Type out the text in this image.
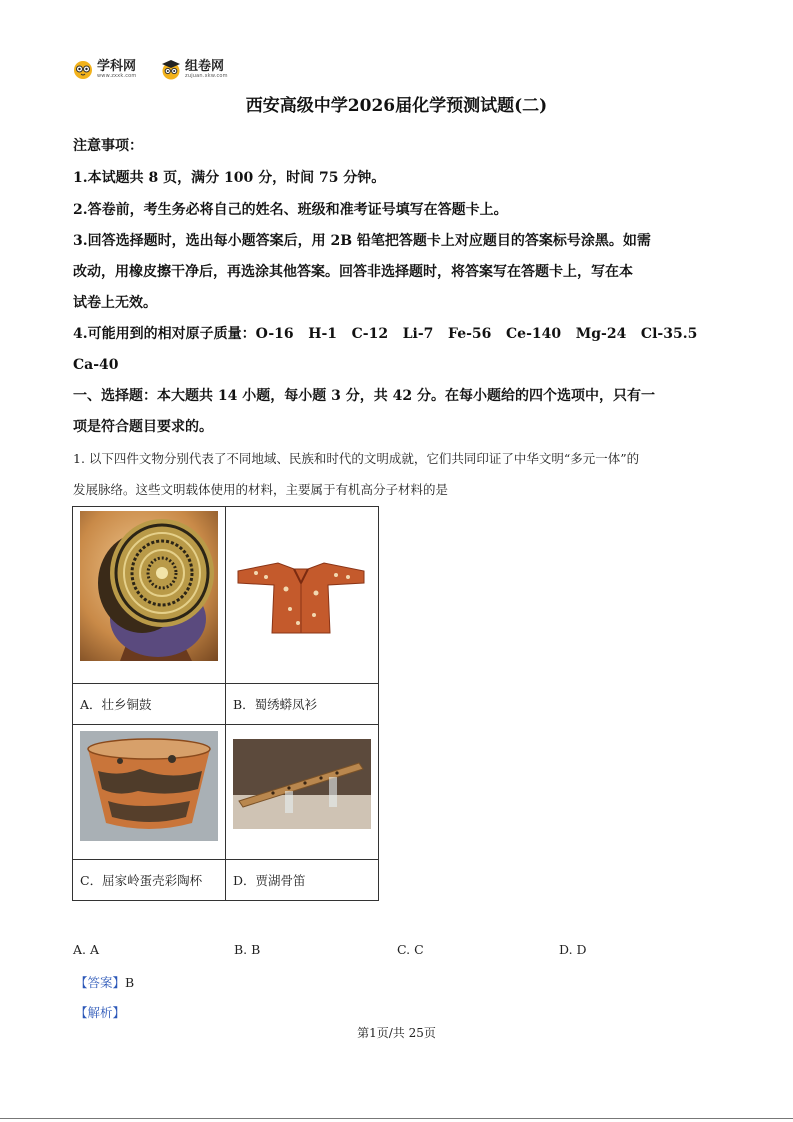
学科网
www.zxxk.com
组卷网
zujuan.xkw.com
西安高级中学2026届化学预测试题(二)
注意事项：
1.本试题共 8 页，满分 100 分，时间 75 分钟。
2.答卷前，考生务必将自己的姓名、班级和准考证号填写在答题卡上。
3.回答选择题时，选出每小题答案后，用 2B 铅笔把答题卡上对应题目的答案标号涂黑。如需
改动，用橡皮擦干净后，再选涂其他答案。回答非选择题时，将答案写在答题卡上，写在本
试卷上无效。
4.可能用到的相对原子质量：O-16   H-1   C-12   Li-7   Fe-56   Ce-140   Mg-24   Cl-35.5
Ca-40
一、选择题：本大题共 14 小题，每小题 3 分，共 42 分。在每小题给的四个选项中，只有一
项是符合题目要求的。
1. 以下四件文物分别代表了不同地域、民族和时代的文明成就，它们共同印证了中华文明“多元一体”的
发展脉络。这些文明载体使用的材料，主要属于有机高分子材料的是

A．壮乡铜鼓	B．蜀绣蟒凤衫

C．屈家岭蛋壳彩陶杯	D．贾湖骨笛
A. A	B. B	C. C	D. D
【答案】B
【解析】
第1页/共 25页
